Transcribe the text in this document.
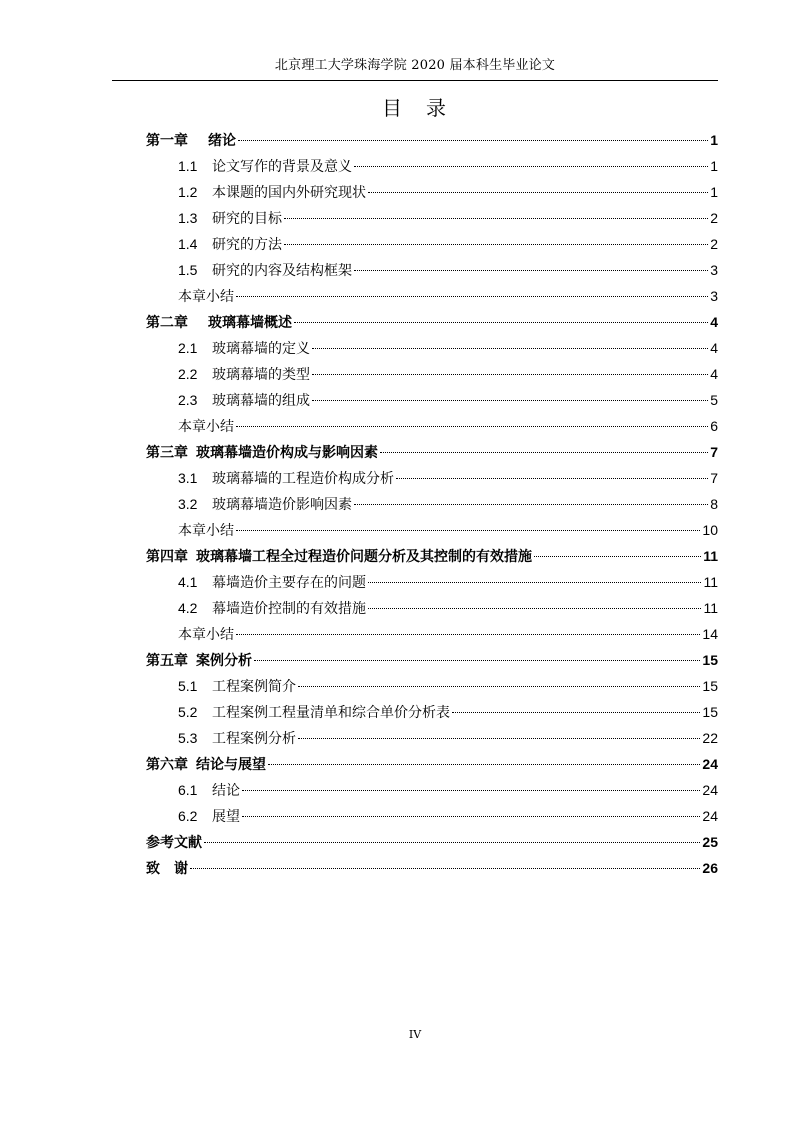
北京理工大学珠海学院 2020 届本科生毕业论文
目　录
第一章 绪论	1
1.1	论文写作的背景及意义	1
1.2	本课题的国内外研究现状	1
1.3	研究的目标	2
1.4	研究的方法	2
1.5	研究的内容及结构框架	3
本章小结	3
第二章 玻璃幕墙概述	4
2.1	玻璃幕墙的定义	4
2.2	玻璃幕墙的类型	4
2.3	玻璃幕墙的组成	5
本章小结	6
第三章 玻璃幕墙造价构成与影响因素	7
3.1	玻璃幕墙的工程造价构成分析	7
3.2	玻璃幕墙造价影响因素	8
本章小结	10
第四章 玻璃幕墙工程全过程造价问题分析及其控制的有效措施	11
4.1	幕墙造价主要存在的问题	11
4.2	幕墙造价控制的有效措施	11
本章小结	14
第五章 案例分析	15
5.1	工程案例简介	15
5.2	工程案例工程量清单和综合单价分析表	15
5.3	工程案例分析	22
第六章 结论与展望	24
6.1	结论	24
6.2	展望	24
参考文献	25
致　谢	26
IV
